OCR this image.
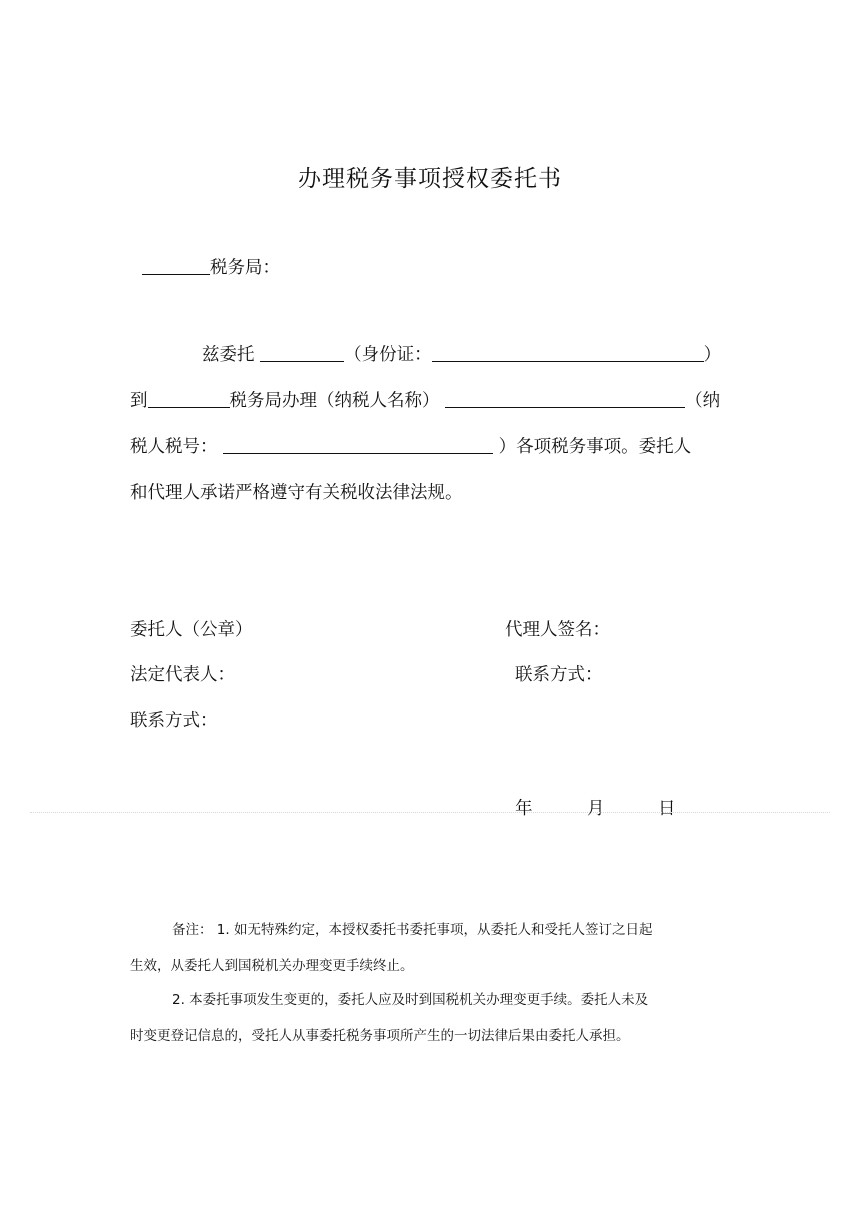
办理税务事项授权委托书
税务局：
兹委托	（身份证：	）
到	税务局办理（纳税人名称）	（纳
税人税号：	）各项税务事项。委托人
和代理人承诺严格遵守有关税收法律法规。
委托人（公章）	代理人签名：
法定代表人：	联系方式：
联系方式：
年	月	日
备注： 1. 如无特殊约定，本授权委托书委托事项，从委托人和受托人签订之日起
生效，从委托人到国税机关办理变更手续终止。
2. 本委托事项发生变更的，委托人应及时到国税机关办理变更手续。委托人未及
时变更登记信息的，受托人从事委托税务事项所产生的一切法律后果由委托人承担。
